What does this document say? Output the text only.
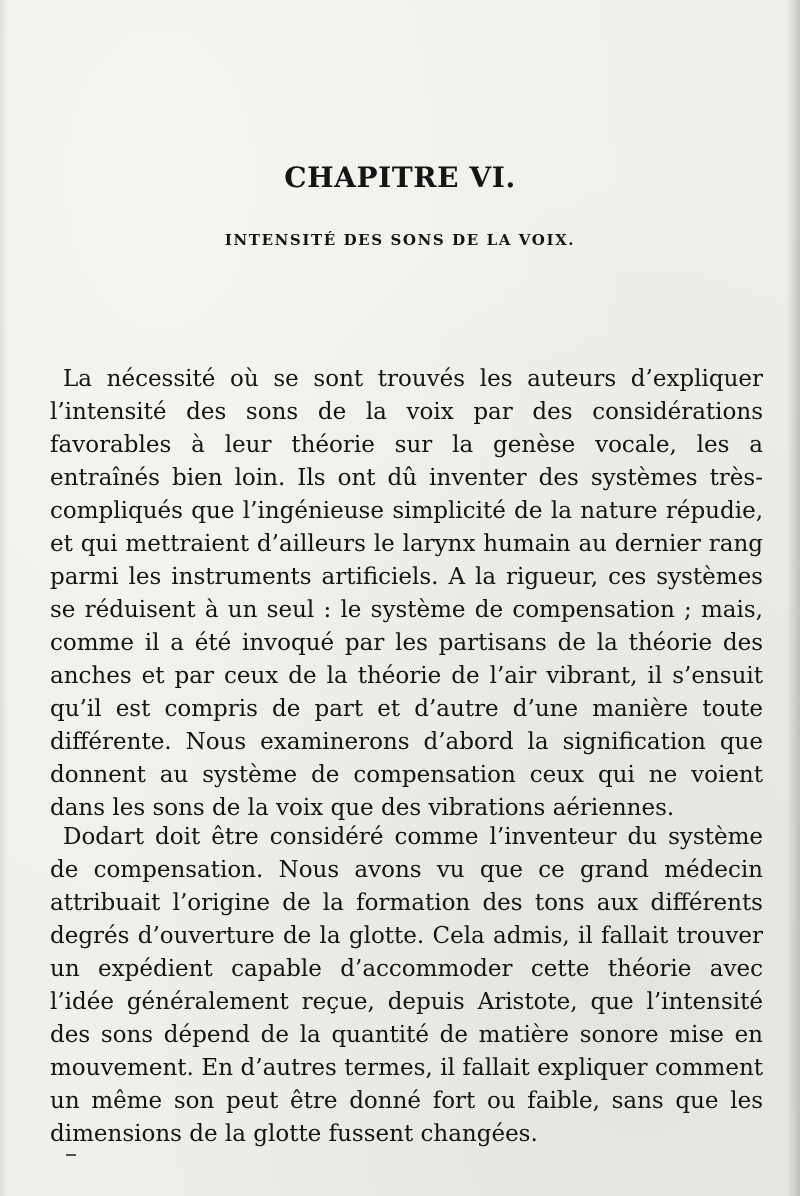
CHAPITRE VI.
INTENSITÉ DES SONS DE LA VOIX.

La nécessité où se sont trouvés les auteurs d’expliquer l’intensité des sons de la voix par des considérations favorables à leur théorie sur la genèse vocale, les a entraînés bien loin. Ils ont dû inventer des systèmes très-compliqués que l’ingénieuse simplicité de la nature répudie, et qui mettraient d’ailleurs le larynx humain au dernier rang parmi les instruments artificiels. A la rigueur, ces systèmes se réduisent à un seul : le système de compensation ; mais, comme il a été invoqué par les partisans de la théorie des anches et par ceux de la théorie de l’air vibrant, il s’ensuit qu’il est compris de part et d’autre d’une manière toute différente. Nous examinerons d’abord la signification que donnent au système de compensation ceux qui ne voient dans les sons de la voix que des vibrations aériennes.

Dodart doit être considéré comme l’inventeur du système de compensation. Nous avons vu que ce grand médecin attribuait l’origine de la formation des tons aux différents degrés d’ouverture de la glotte. Cela admis, il fallait trouver un expédient capable d’accommoder cette théorie avec l’idée généralement reçue, depuis Aristote, que l’intensité des sons dépend de la quantité de matière sonore mise en mouvement. En d’autres termes, il fallait expliquer comment un même son peut être donné fort ou faible, sans que les dimensions de la glotte fussent changées.
